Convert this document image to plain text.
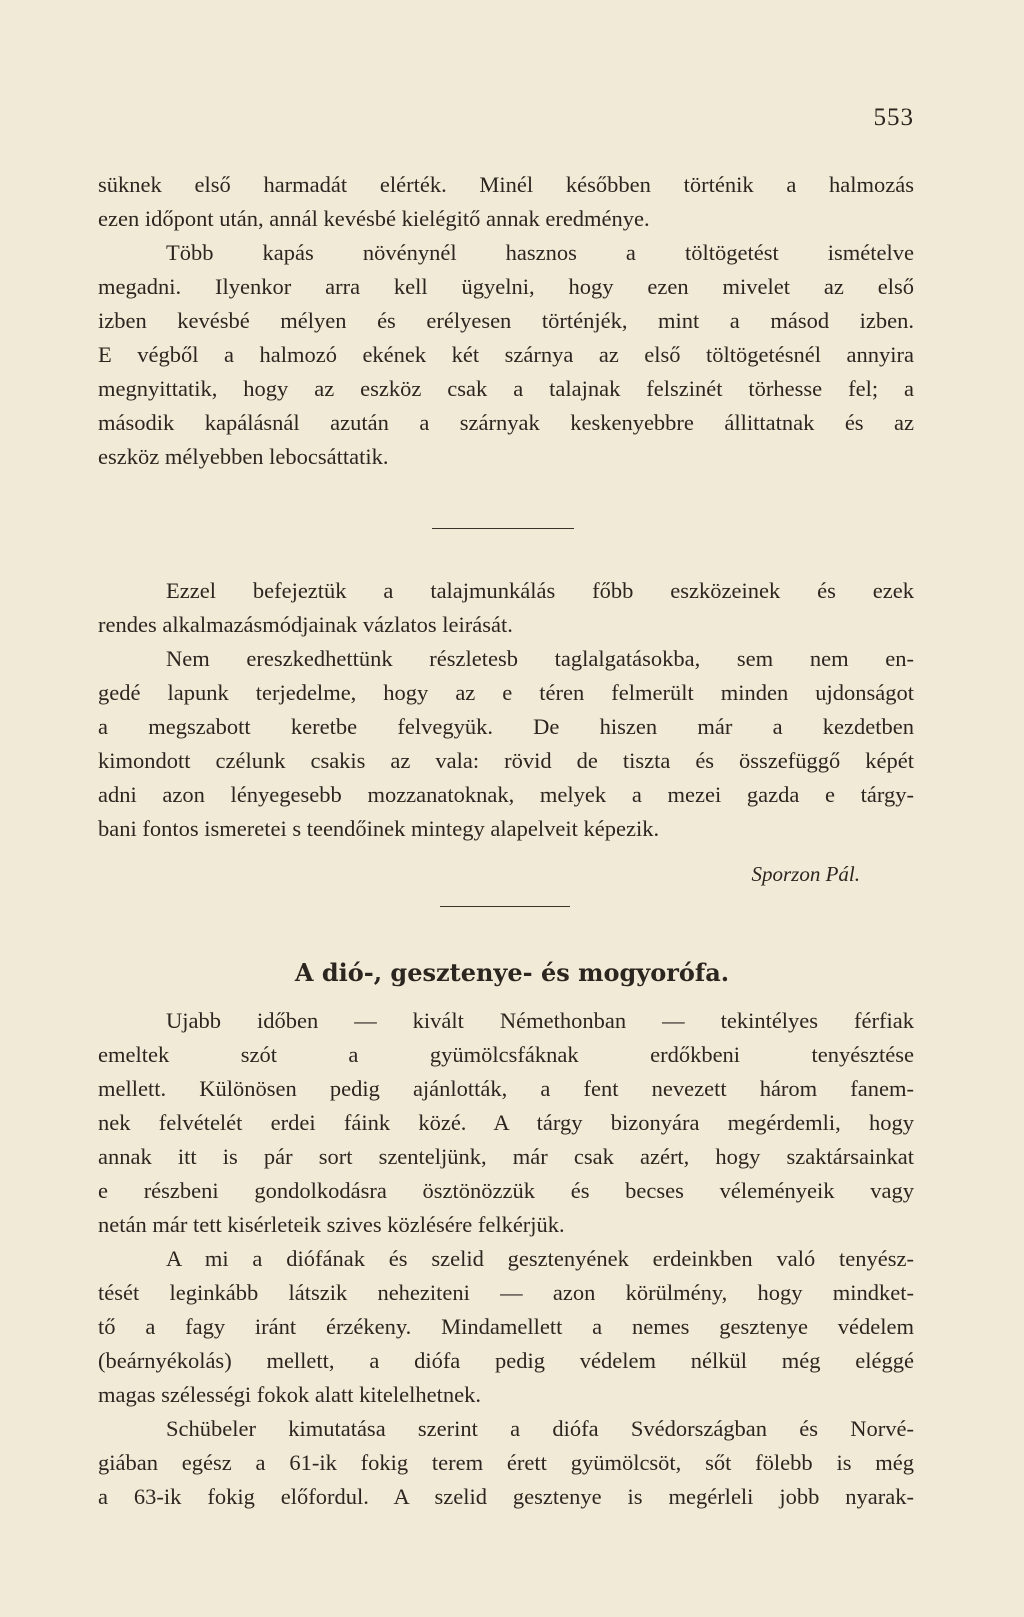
553
süknek első harmadát elérték. Minél későbben történik a halmozás
ezen időpont után, annál kevésbé kielégitő annak eredménye.
Több kapás növénynél hasznos a töltögetést ismételve
megadni. Ilyenkor arra kell ügyelni, hogy ezen mivelet az első
izben kevésbé mélyen és erélyesen történjék, mint a másod izben.
E végből a halmozó ekének két szárnya az első töltögetésnél annyira
megnyittatik, hogy az eszköz csak a talajnak felszinét törhesse fel; a
második kapálásnál azután a szárnyak keskenyebbre állittatnak és az
eszköz mélyebben lebocsáttatik.
Ezzel befejeztük a talajmunkálás főbb eszközeinek és ezek
rendes alkalmazásmódjainak vázlatos leirását.
Nem ereszkedhettünk részletesb taglalgatásokba, sem nem en-
gedé lapunk terjedelme, hogy az e téren felmerült minden ujdonságot
a megszabott keretbe felvegyük. De hiszen már a kezdetben
kimondott czélunk csakis az vala: rövid de tiszta és összefüggő képét
adni azon lényegesebb mozzanatoknak, melyek a mezei gazda e tárgy-
bani fontos ismeretei s teendőinek mintegy alapelveit képezik.
Sporzon Pál.
A dió-, gesztenye- és mogyorófa.
Ujabb időben — kivált Némethonban — tekintélyes férfiak
emeltek szót a gyümölcsfáknak erdőkbeni tenyésztése
mellett. Különösen pedig ajánlották, a fent nevezett három fanem-
nek felvételét erdei fáink közé. A tárgy bizonyára megérdemli, hogy
annak itt is pár sort szenteljünk, már csak azért, hogy szaktársainkat
e részbeni gondolkodásra ösztönözzük és becses véleményeik vagy
netán már tett kisérleteik szives közlésére felkérjük.
A mi a diófának és szelid gesztenyének erdeinkben való tenyész-
tését leginkább látszik neheziteni — azon körülmény, hogy mindket-
tő a fagy iránt érzékeny. Mindamellett a nemes gesztenye védelem
(beárnyékolás) mellett, a diófa pedig védelem nélkül még eléggé
magas szélességi fokok alatt kitelelhetnek.
Schübeler kimutatása szerint a diófa Svédországban és Norvé-
giában egész a 61-ik fokig terem érett gyümölcsöt, sőt fölebb is még
a 63-ik fokig előfordul. A szelid gesztenye is megérleli jobb nyarak-
